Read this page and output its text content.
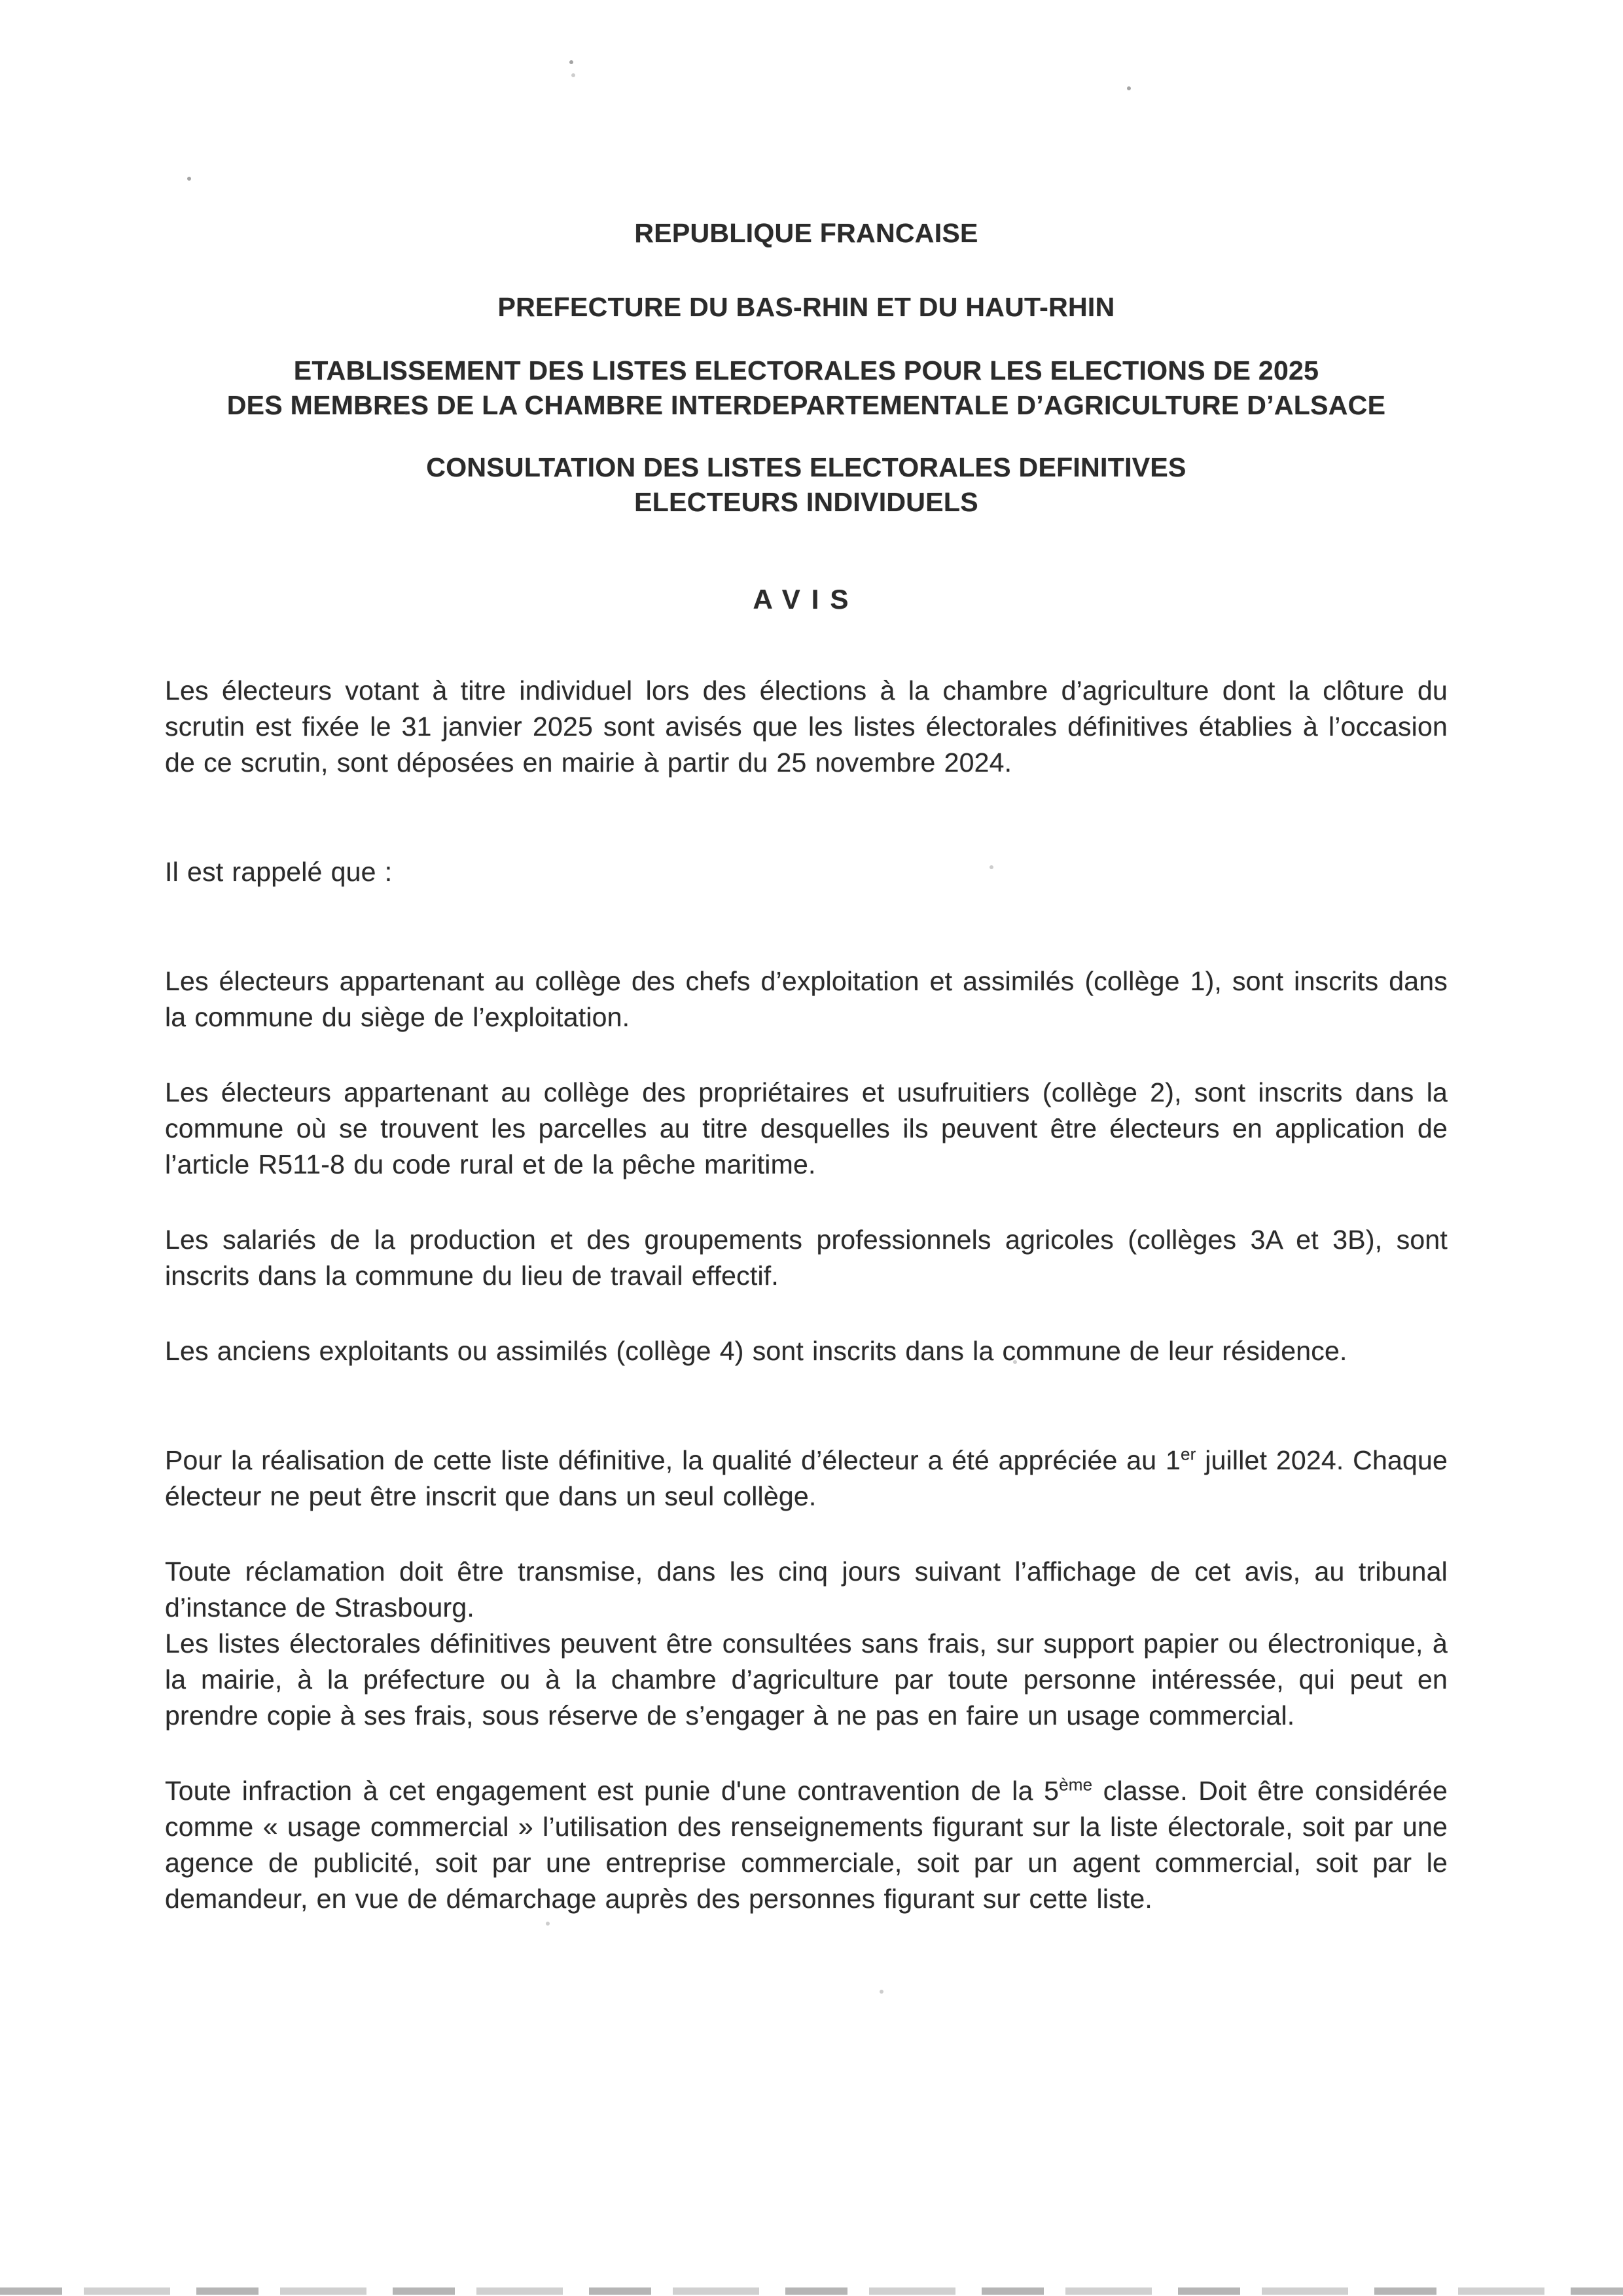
REPUBLIQUE FRANCAISE
PREFECTURE DU BAS-RHIN ET DU HAUT-RHIN
ETABLISSEMENT DES LISTES ELECTORALES POUR LES ELECTIONS DE 2025
DES MEMBRES DE LA CHAMBRE INTERDEPARTEMENTALE D’AGRICULTURE D’ALSACE
CONSULTATION DES LISTES ELECTORALES DEFINITIVES
ELECTEURS INDIVIDUELS
AVIS

Les électeurs votant à titre individuel lors des élections à la chambre d’agriculture dont la clôture du scrutin est fixée le 31 janvier 2025 sont avisés que les listes électorales définitives établies à l’occasion de ce scrutin, sont déposées en mairie à partir du 25 novembre 2024.

Il est rappelé que :

Les électeurs appartenant au collège des chefs d’exploitation et assimilés (collège 1), sont inscrits dans la commune du siège de l’exploitation.

Les électeurs appartenant au collège des propriétaires et usufruitiers (collège 2), sont inscrits dans la commune où se trouvent les parcelles au titre desquelles ils peuvent être électeurs en application de l’article R511-8 du code rural et de la pêche maritime.

Les salariés de la production et des groupements professionnels agricoles (collèges 3A et 3B), sont inscrits dans la commune du lieu de travail effectif.

Les anciens exploitants ou assimilés (collège 4) sont inscrits dans la commune de leur résidence.

Pour la réalisation de cette liste définitive, la qualité d’électeur a été appréciée au 1er juillet 2024. Chaque électeur ne peut être inscrit que dans un seul collège.

Toute réclamation doit être transmise, dans les cinq jours suivant l’affichage de cet avis, au tribunal d’instance de Strasbourg.

Les listes électorales définitives peuvent être consultées sans frais, sur support papier ou électronique, à la mairie, à la préfecture ou à la chambre d’agriculture par toute personne intéressée, qui peut en prendre copie à ses frais, sous réserve de s’engager à ne pas en faire un usage commercial.

Toute infraction à cet engagement est punie d'une contravention de la 5ème classe. Doit être considérée comme « usage commercial » l’utilisation des renseignements figurant sur la liste électorale, soit par une agence de publicité, soit par une entreprise commerciale, soit par un agent commercial, soit par le demandeur, en vue de démarchage auprès des personnes figurant sur cette liste.
